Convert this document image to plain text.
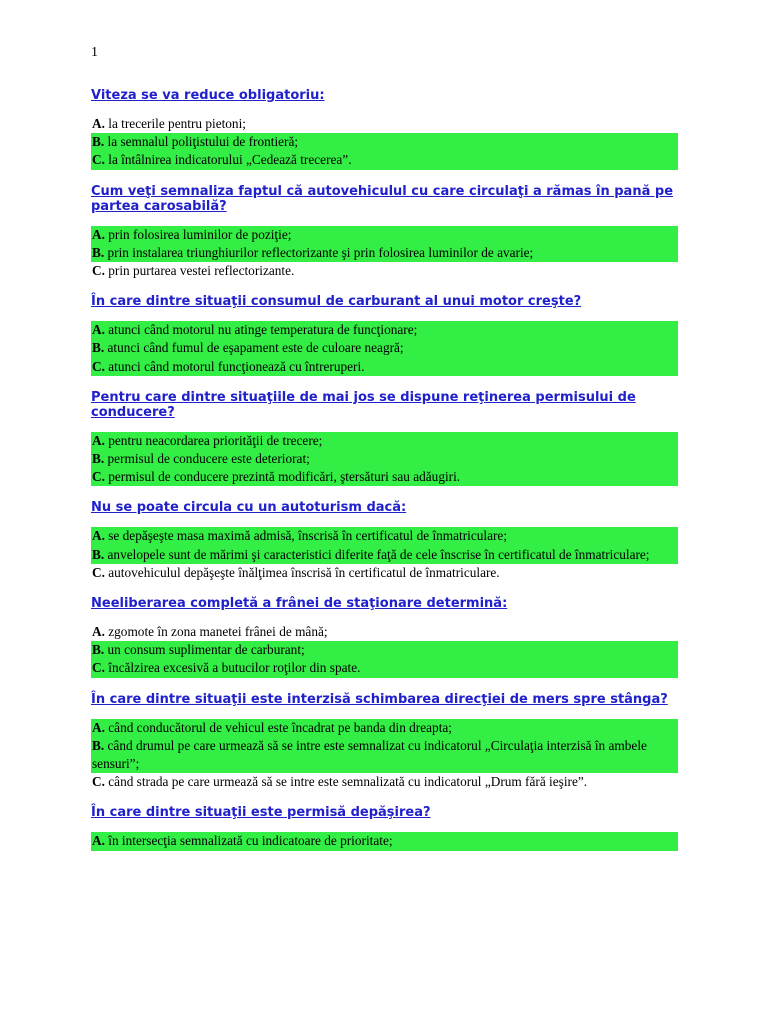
1
Viteza se va reduce obligatoriu:
A. la trecerile pentru pietoni;
B. la semnalul poliţistului de frontieră;
C. la întâlnirea indicatorului „Cedează trecerea”.
Cum veţi semnaliza faptul că autovehiculul cu care circulaţi a rămas în pană pe partea carosabilă?
A. prin folosirea luminilor de poziţie;
B. prin instalarea triunghiurilor reflectorizante şi prin folosirea luminilor de avarie;
C. prin purtarea vestei reflectorizante.
În care dintre situaţii consumul de carburant al unui motor creşte?
A. atunci când motorul nu atinge temperatura de funcţionare;
B. atunci când fumul de eşapament este de culoare neagră;
C. atunci când motorul funcţionează cu întreruperi.
Pentru care dintre situaţiile de mai jos se dispune reţinerea permisului de conducere?
A. pentru neacordarea priorităţii de trecere;
B. permisul de conducere este deteriorat;
C. permisul de conducere prezintă modificări, ştersături sau adăugiri.
Nu se poate circula cu un autoturism dacă:
A. se depăşeşte masa maximă admisă, înscrisă în certificatul de înmatriculare;
B. anvelopele sunt de mărimi şi caracteristici diferite faţă de cele înscrise în certificatul de înmatriculare;
C. autovehiculul depăşeşte înălţimea înscrisă în certificatul de înmatriculare.
Neeliberarea completă a frânei de staţionare determină:
A. zgomote în zona manetei frânei de mână;
B. un consum suplimentar de carburant;
C. încălzirea excesivă a butucilor roţilor din spate.
În care dintre situaţii este interzisă schimbarea direcţiei de mers spre stânga?
A. când conducătorul de vehicul este încadrat pe banda din dreapta;
B. când drumul pe care urmează să se intre este semnalizat cu indicatorul „Circulaţia interzisă în ambele sensuri”;
C. când strada pe care urmează să se intre este semnalizată cu indicatorul „Drum fără ieşire”.
În care dintre situaţii este permisă depăşirea?
A. în intersecţia semnalizată cu indicatoare de prioritate;
